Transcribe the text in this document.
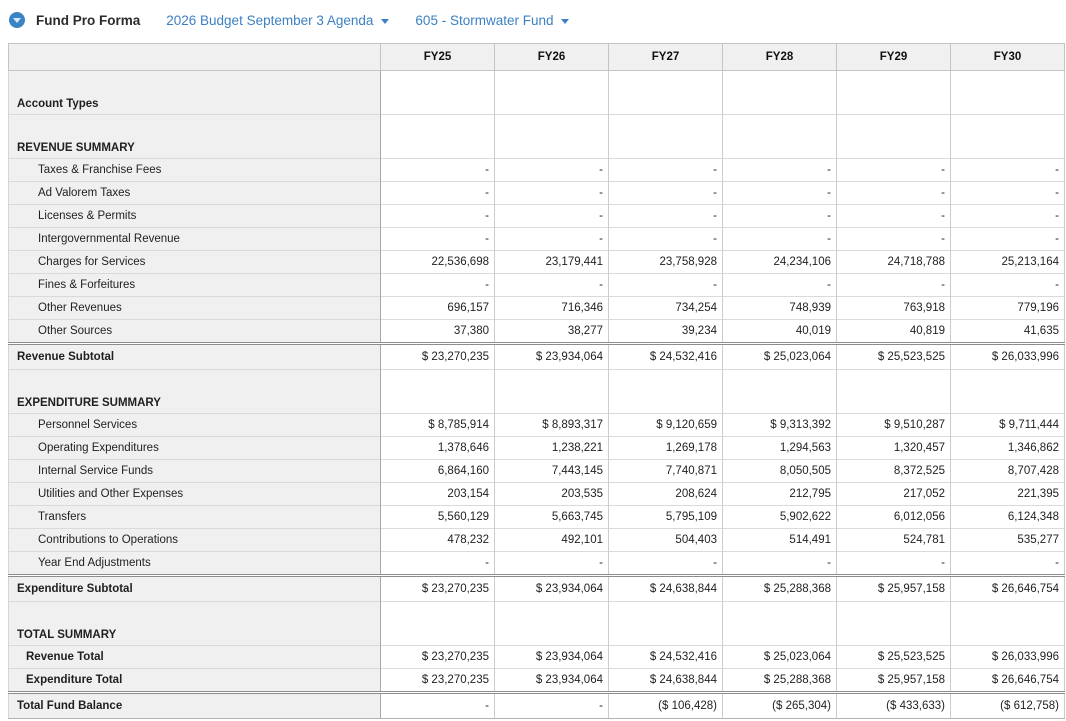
Fund Pro Forma 2026 Budget September 3 Agenda	605 - Stormwater Fund
	FY25	FY26	FY27	FY28	FY29	FY30
Account Types						
REVENUE SUMMARY						
Taxes & Franchise Fees	-	-	-	-	-	-
Ad Valorem Taxes	-	-	-	-	-	-
Licenses & Permits	-	-	-	-	-	-
Intergovernmental Revenue	-	-	-	-	-	-
Charges for Services	22,536,698	23,179,441	23,758,928	24,234,106	24,718,788	25,213,164
Fines & Forfeitures	-	-	-	-	-	-
Other Revenues	696,157	716,346	734,254	748,939	763,918	779,196
Other Sources	37,380	38,277	39,234	40,019	40,819	41,635
Revenue Subtotal	$ 23,270,235	$ 23,934,064	$ 24,532,416	$ 25,023,064	$ 25,523,525	$ 26,033,996
EXPENDITURE SUMMARY						
Personnel Services	$ 8,785,914	$ 8,893,317	$ 9,120,659	$ 9,313,392	$ 9,510,287	$ 9,711,444
Operating Expenditures	1,378,646	1,238,221	1,269,178	1,294,563	1,320,457	1,346,862
Internal Service Funds	6,864,160	7,443,145	7,740,871	8,050,505	8,372,525	8,707,428
Utilities and Other Expenses	203,154	203,535	208,624	212,795	217,052	221,395
Transfers	5,560,129	5,663,745	5,795,109	5,902,622	6,012,056	6,124,348
Contributions to Operations	478,232	492,101	504,403	514,491	524,781	535,277
Year End Adjustments	-	-	-	-	-	-
Expenditure Subtotal	$ 23,270,235	$ 23,934,064	$ 24,638,844	$ 25,288,368	$ 25,957,158	$ 26,646,754
TOTAL SUMMARY						
Revenue Total	$ 23,270,235	$ 23,934,064	$ 24,532,416	$ 25,023,064	$ 25,523,525	$ 26,033,996
Expenditure Total	$ 23,270,235	$ 23,934,064	$ 24,638,844	$ 25,288,368	$ 25,957,158	$ 26,646,754
Total Fund Balance	-	-	($ 106,428)	($ 265,304)	($ 433,633)	($ 612,758)
